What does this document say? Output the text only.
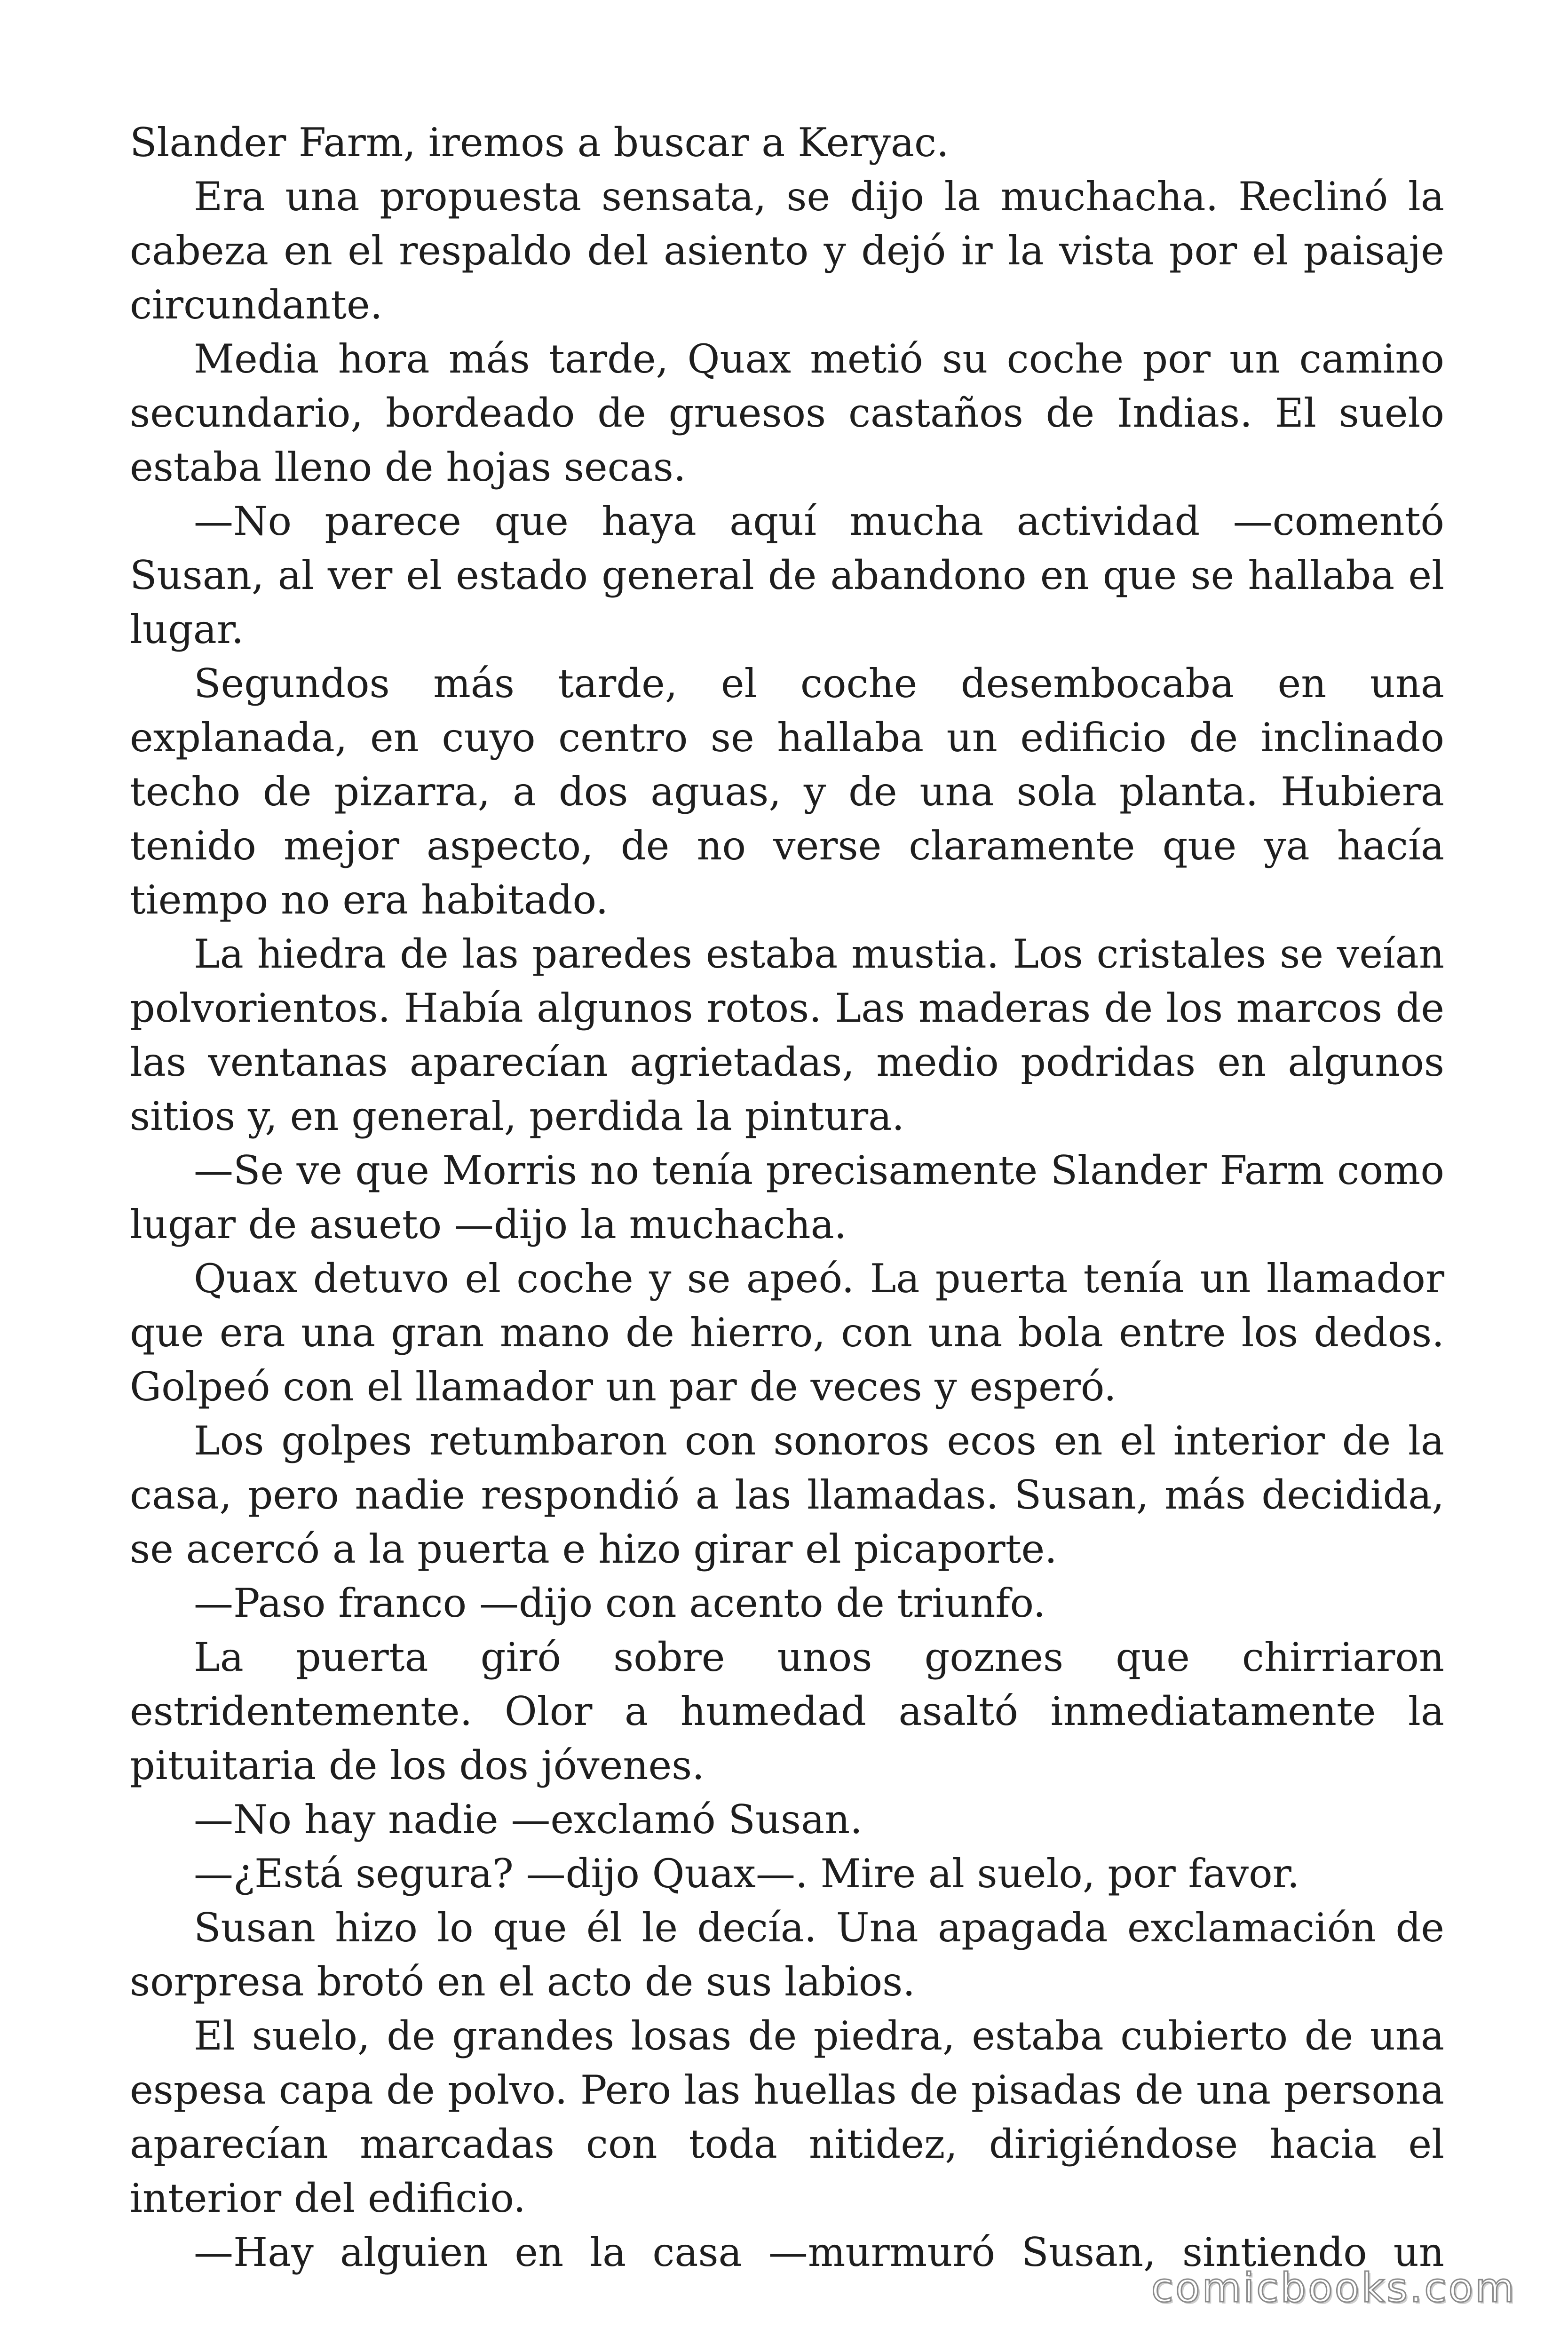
Slander Farm, iremos a buscar a Keryac.

Era una propuesta sensata, se dijo la muchacha. Reclinó la cabeza en el respaldo del asiento y dejó ir la vista por el paisaje circundante.

Media hora más tarde, Quax metió su coche por un camino secundario, bordeado de gruesos castaños de Indias. El suelo estaba lleno de hojas secas.

—No parece que haya aquí mucha actividad —comentó Susan, al ver el estado general de abandono en que se hallaba el lugar.

Segundos más tarde, el coche desembocaba en una explanada, en cuyo centro se hallaba un edificio de inclinado techo de pizarra, a dos aguas, y de una sola planta. Hubiera tenido mejor aspecto, de no verse claramente que ya hacía tiempo no era habitado.

La hiedra de las paredes estaba mustia. Los cristales se veían polvorientos. Había algunos rotos. Las maderas de los marcos de las ventanas aparecían agrietadas, medio podridas en algunos sitios y, en general, perdida la pintura.

—Se ve que Morris no tenía precisamente Slander Farm como lugar de asueto —dijo la muchacha.

Quax detuvo el coche y se apeó. La puerta tenía un llamador que era una gran mano de hierro, con una bola entre los dedos. Golpeó con el llamador un par de veces y esperó.

Los golpes retumbaron con sonoros ecos en el interior de la casa, pero nadie respondió a las llamadas. Susan, más decidida, se acercó a la puerta e hizo girar el picaporte.

—Paso franco —dijo con acento de triunfo.

La puerta giró sobre unos goznes que chirriaron estridentemente. Olor a humedad asaltó inmediatamente la pituitaria de los dos jóvenes.

—No hay nadie —exclamó Susan.

—¿Está segura? —dijo Quax—. Mire al suelo, por favor.

Susan hizo lo que él le decía. Una apagada exclamación de sorpresa brotó en el acto de sus labios.

El suelo, de grandes losas de piedra, estaba cubierto de una espesa capa de polvo. Pero las huellas de pisadas de una persona aparecían marcadas con toda nitidez, dirigiéndose hacia el interior del edificio.

—Hay alguien en la casa —murmuró Susan, sintiendo un

comicbooks.com
